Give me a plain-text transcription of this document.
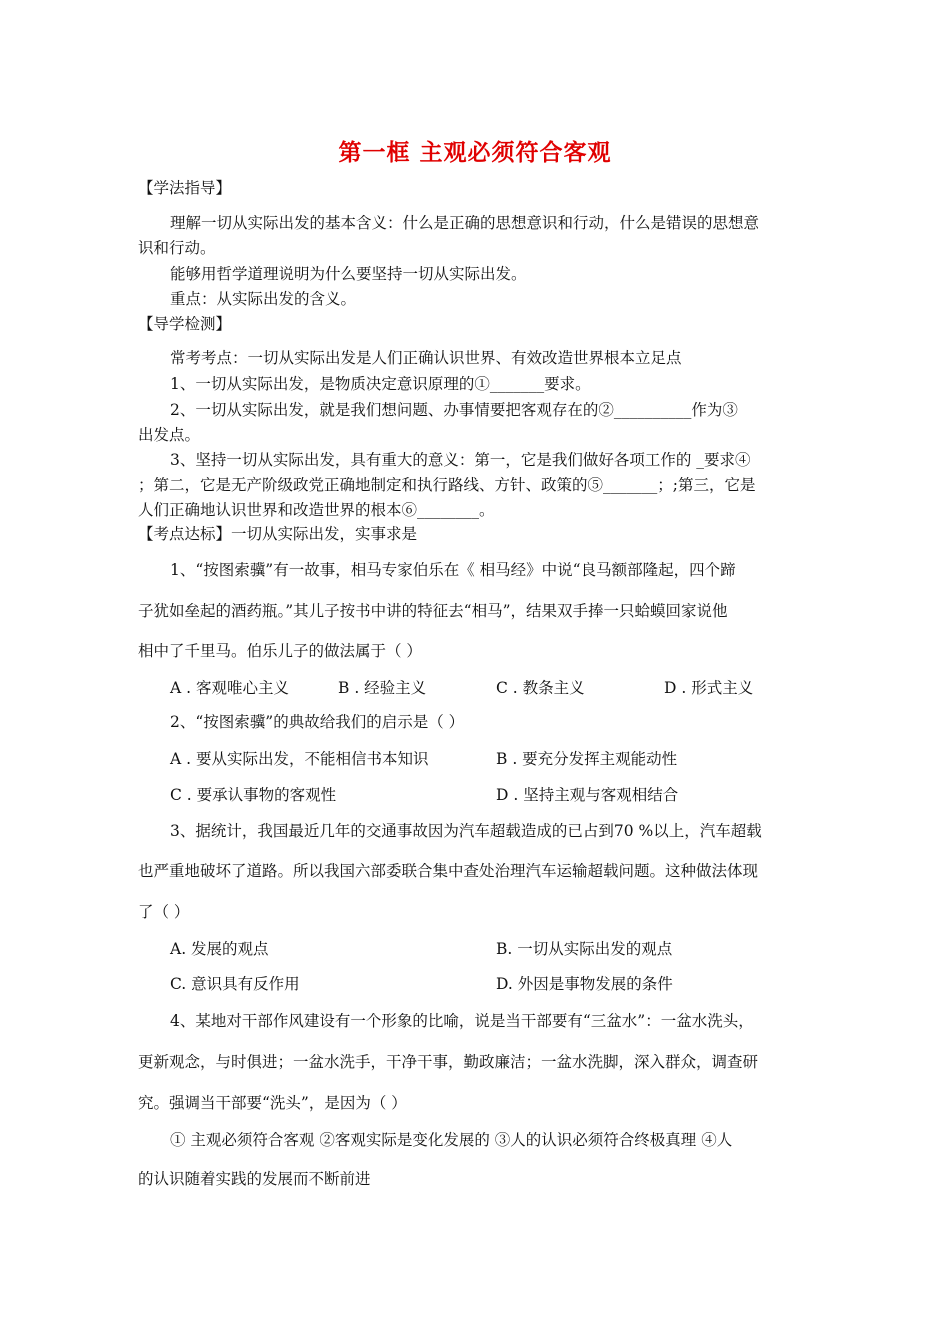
第一框 主观必须符合客观
【学法指导】
理解一切从实际出发的基本含义：什么是正确的思想意识和行动，什么是错误的思想意
识和行动。
能够用哲学道理说明为什么要坚持一切从实际出发。
重点：从实际出发的含义。
【导学检测】
常考考点：一切从实际出发是人们正确认识世界、有效改造世界根本立足点
1、一切从实际出发，是物质决定意识原理的①_______要求。
2、一切从实际出发，就是我们想问题、办事情要把客观存在的②__________作为③
出发点。
3、坚持一切从实际出发，具有重大的意义：第一，它是我们做好各项工作的 _要求④
；第二，它是无产阶级政党正确地制定和执行路线、方针、政策的⑤_______；;第三，它是
人们正确地认识世界和改造世界的根本⑥________。
【考点达标】一切从实际出发，实事求是
1、“按图索骥”有一故事，相马专家伯乐在《 相马经》中说“良马额部隆起，四个蹄
子犹如垒起的酒药瓶。”其儿子按书中讲的特征去“相马”，结果双手捧一只蛤蟆回家说他
相中了千里马。伯乐儿子的做法属于（ ）
A . 客观唯心主义	B . 经验主义	C . 教条主义	D . 形式主义
2、“按图索骥”的典故给我们的启示是（ ）
A . 要从实际出发，不能相信书本知识	B . 要充分发挥主观能动性
C . 要承认事物的客观性	D . 坚持主观与客观相结合
3、据统计，我国最近几年的交通事故因为汽车超载造成的已占到70 %以上，汽车超载
也严重地破坏了道路。所以我国六部委联合集中查处治理汽车运输超载问题。这种做法体现
了（ ）
A. 发展的观点	B. 一切从实际出发的观点
C. 意识具有反作用	D. 外因是事物发展的条件
4、某地对干部作风建设有一个形象的比喻，说是当干部要有“三盆水”：一盆水洗头，
更新观念，与时俱进；一盆水洗手，干净干事，勤政廉洁；一盆水洗脚，深入群众，调查研
究。强调当干部要“洗头”，是因为（ ）
① 主观必须符合客观 ②客观实际是变化发展的 ③人的认识必须符合终极真理 ④人
的认识随着实践的发展而不断前进
